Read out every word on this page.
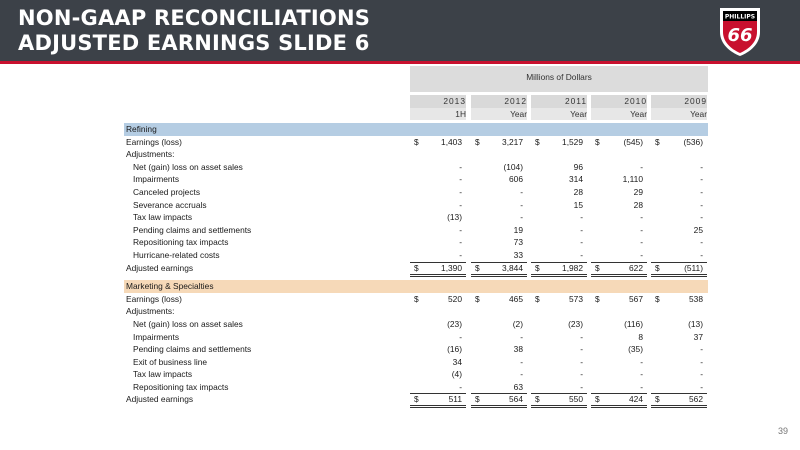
NON-GAAP RECONCILIATIONS
ADJUSTED EARNINGS SLIDE 6
PHILLIPS
66
Millions of Dollars
2013
1H
2012
Year
2011
Year
2010
Year
2009
Year
Refining
Earnings (loss)	$	1,403 $	3,217 $	1,529 $	(545) $	(536)
Adjustments:
Net (gain) loss on asset sales	-	(104)	96	-	-
Impairments	-	606	314	1,110	-
Canceled projects	-	-	28	29	-
Severance accruals	-	-	15	28	-
Tax law impacts	(13)	-	-	-	-
Pending claims and settlements	-	19	-	-	25
Repositioning tax impacts	-	73	-	-	-
Hurricane-related costs	-	33	-	-	-
Adjusted earnings	$	1,390 $	3,844 $	1,982 $	622 $	(511)
Marketing & Specialties
Earnings (loss)	$	520 $	465 $	573 $	567 $	538
Adjustments:
Net (gain) loss on asset sales	(23)	(2)	(23)	(116)	(13)
Impairments	-	-	-	8	37
Pending claims and settlements	(16)	38	-	(35)	-
Exit of business line	34	-	-	-	-
Tax law impacts	(4)	-	-	-	-
Repositioning tax impacts	-	63	-	-	-
Adjusted earnings	$	511 $	564 $	550 $	424 $	562
39
